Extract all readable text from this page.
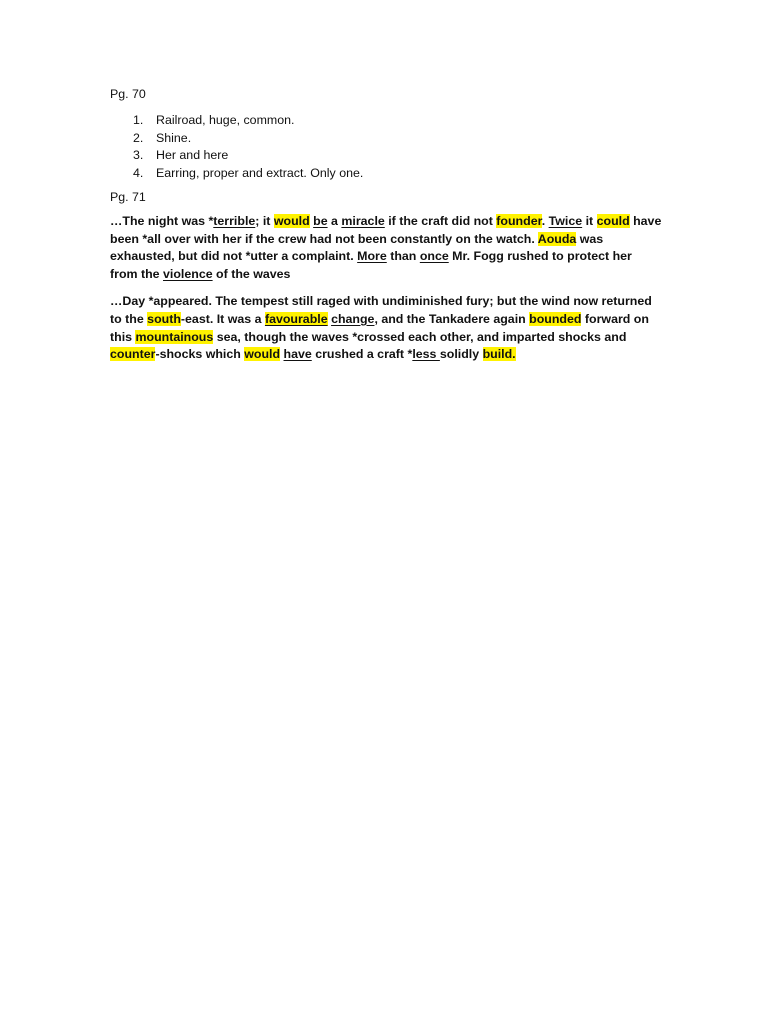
Pg. 70
1.	Railroad, huge, common.
2.	Shine.
3.	Her and here
4.	Earring, proper and extract. Only one.
Pg. 71
…The night was *terrible; it would be a miracle if the craft did not founder. Twice it could have
been *all over with her if the crew had not been constantly on the watch. Aouda was
exhausted, but did not *utter a complaint. More than once Mr. Fogg rushed to protect her
from the violence of the waves
…Day *appeared. The tempest still raged with undiminished fury; but the wind now returned
to the south-east. It was a favourable change, and the Tankadere again bounded forward on
this mountainous sea, though the waves *crossed each other, and imparted shocks and
counter-shocks which would have crushed a craft *less solidly build.
